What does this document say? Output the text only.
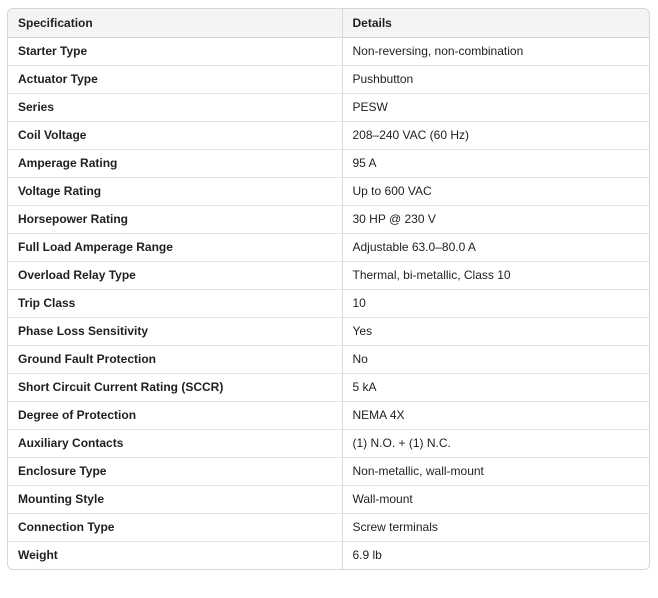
Specification	Details
Starter Type	Non-reversing, non-combination
Actuator Type	Pushbutton
Series	PESW
Coil Voltage	208–240 VAC (60 Hz)
Amperage Rating	95 A
Voltage Rating	Up to 600 VAC
Horsepower Rating	30 HP @ 230 V
Full Load Amperage Range	Adjustable 63.0–80.0 A
Overload Relay Type	Thermal, bi-metallic, Class 10
Trip Class	10
Phase Loss Sensitivity	Yes
Ground Fault Protection	No
Short Circuit Current Rating (SCCR)	5 kA
Degree of Protection	NEMA 4X
Auxiliary Contacts	(1) N.O. + (1) N.C.
Enclosure Type	Non-metallic, wall-mount
Mounting Style	Wall-mount
Connection Type	Screw terminals
Weight	6.9 lb
